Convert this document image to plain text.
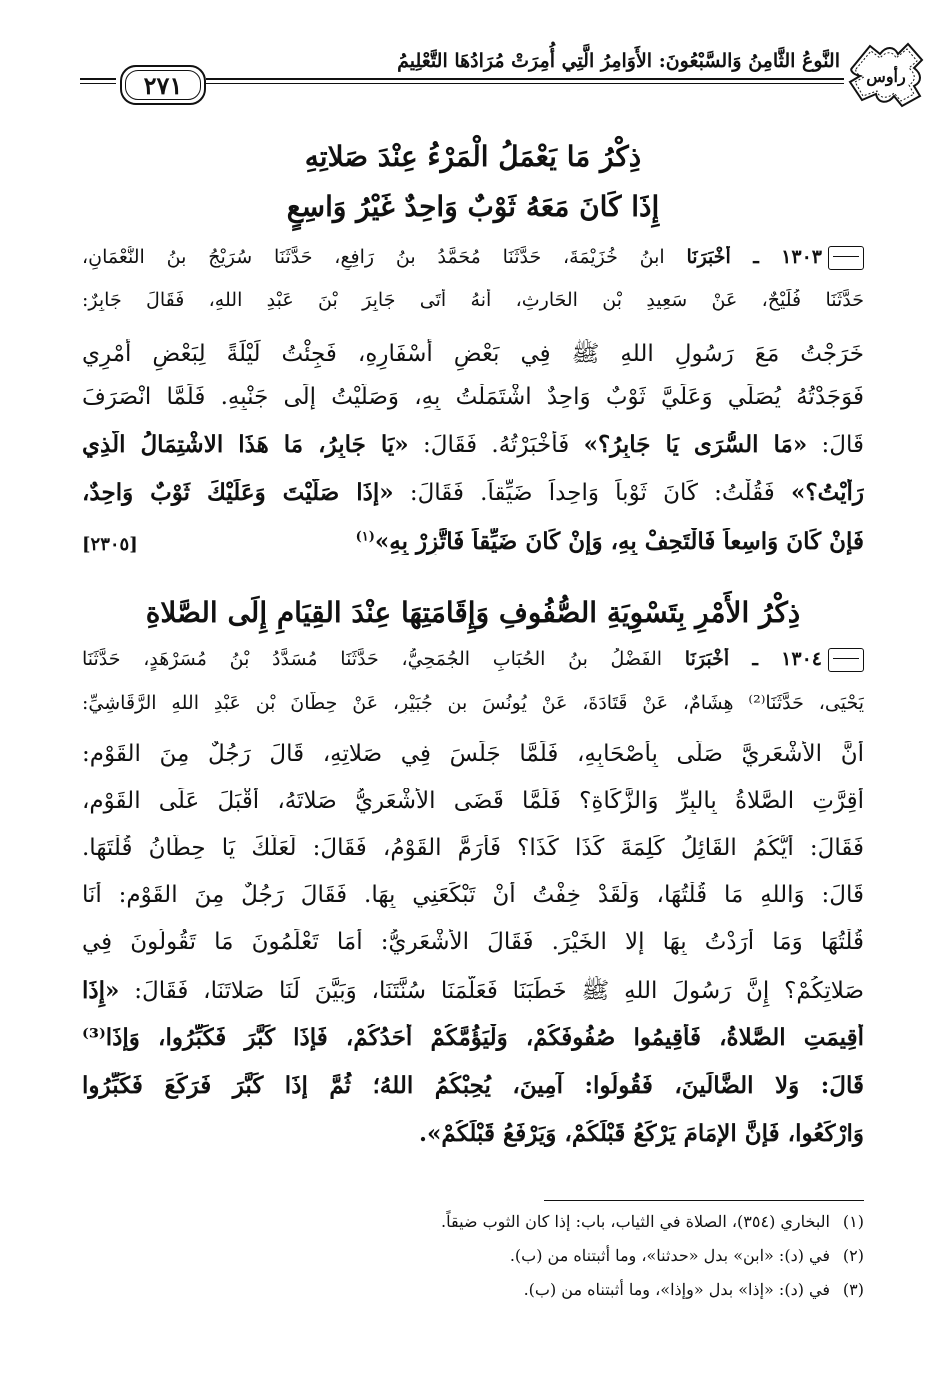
٢٧١
النَّوعُ الثَّامِنُ وَالسَّبْعُونَ: الأَوَامِرُ الَّتِي أُمِرَتْ مُرَادُهَا التَّعْلِيمُ
رأوس
ذِكْرُ مَا يَعْمَلُ الْمَرْءُ عِنْدَ صَلاتِهِ
إِذَا كَانَ مَعَهُ ثَوْبٌ وَاحِدٌ غَيْرُ وَاسِعٍ
١٣٠٣ ـ أَخْبَرَنَا ابنُ خُزَيْمَةَ، حَدَّثَنَا مُحَمَّدُ بنُ رَافِعٍ، حَدَّثَنَا سُرَيْجُ بنُ النُّعْمَانِ،
حَدَّثَنَا فُلَيْحٌ، عَنْ سَعِيدِ بْنِ الحَارِثِ، أَنهُ أَتَى جَابِرَ بْنَ عَبْدِ اللهِ، فَقَالَ جَابِرٌ:
خَرَجْتُ مَعَ رَسُولِ اللهِ ﷺ فِي بَعْضِ أَسْفَارِهِ، فَجِئْتُ لَيْلَةً لِبَعْضِ أَمْرِي
فَوَجَدْتُهُ يُصَلِّي وَعَلَيَّ ثَوْبٌ وَاحِدٌ اشْتَمَلْتُ بِهِ، وَصَلَّيْتُ إِلَى جَنْبِهِ. فَلَمَّا انْصَرَفَ
قَالَ: «مَا السُّرَى يَا جَابِرُ؟» فَأَخْبَرْتُهُ. فَقَالَ: «يَا جَابِرُ، مَا هَذَا الاشْتِمَالُ الَّذِي
رَأَيْتُ؟» فَقُلْتُ: كَانَ ثَوْباً وَاحِداً ضَيِّقاً. فَقَالَ: «إِذَا صَلَّيْتَ وَعَلَيْكَ ثَوْبٌ وَاحِدٌ،
فَإِنْ كَانَ وَاسِعاً فَالْتَحِفْ بِهِ، وَإِنْ كَانَ ضَيِّقاً فَاتَّزِرْ بِهِ»$^{(١)}$
[٢٣٠٥]
ذِكْرُ الأَمْرِ بِتَسْوِيَةِ الصُّفُوفِ وَإِقَامَتِهَا عِنْدَ القِيَامِ إِلَى الصَّلاةِ
١٣٠٤ ـ أَخْبَرَنَا الفَضْلُ بنُ الحُبَابِ الجُمَحِيُّ، حَدَّثَنَا مُسَدَّدُ بْنُ مُسَرْهَدٍ، حَدَّثَنَا
يَحْيَى، حَدَّثَنَا⁽²⁾ هِشَامٌ، عَنْ قَتَادَةَ، عَنْ يُونُسَ بنِ جُبَيْرٍ، عَنْ حِطَّانَ بْنِ عَبْدِ اللهِ الرَّقَاشِيِّ:
أَنَّ الأَشْعَرِيَّ صَلَّى بِأَصْحَابِهِ، فَلَمَّا جَلَسَ فِي صَلاتِهِ، قَالَ رَجُلٌ مِنَ القَوْمِ:
أُقِرَّتِ الصَّلاةُ بِالبِرِّ وَالزَّكَاةِ؟ فَلَمَّا قَضَى الأَشْعَرِيُّ صَلاتَهُ، أَقْبَلَ عَلَى القَوْمِ،
فَقَالَ: أَيُّكُمُ القَائِلُ كَلِمَةَ كَذَا كَذَا؟ فَأَرَمَّ القَوْمُ، فَقَالَ: لَعَلَّكَ يَا حِطَّانُ قُلْتَهَا.
قَالَ: وَاللهِ مَا قُلْتُهَا، وَلَقَدْ خِفْتُ أَنْ تَبْكَعَنِي بِهَا. فَقَالَ رَجُلٌ مِنَ القَوْمِ: أَنَا
قُلْتُهَا وَمَا أَرَدْتُ بِهَا إِلا الخَيْرَ. فَقَالَ الأَشْعَرِيُّ: أَمَا تَعْلَمُونَ مَا تَقُولُونَ فِي
صَلاتِكُمْ؟ إِنَّ رَسُولَ اللهِ ﷺ خَطَبَنَا فَعَلَّمَنَا سُنَّتَنَا، وَبَيَّنَ لَنَا صَلاتَنَا، فَقَالَ: «إِذَا
أُقِيمَتِ الصَّلاةُ، فَأَقِيمُوا صُفُوفَكُمْ، وَلْيَؤُمَّكُمْ أَحَدُكُمْ، فَإِذَا كَبَّرَ فَكَبِّرُوا، وَإِذَا⁽³⁾
قَالَ: وَلا الضَّالِّينَ، فَقُولُوا: آمِينَ، يُحِبْكُمُ اللهُ؛ ثُمَّ إِذَا كَبَّرَ فَرَكَعَ فَكَبِّرُوا
وَارْكَعُوا، فَإِنَّ الإِمَامَ يَرْكَعُ قَبْلَكُمْ، وَيَرْفَعُ قَبْلَكُمْ».
(١)البخاري (٣٥٤)، الصلاة في الثياب، باب: إذا كان الثوب ضيقاً.
(٢)في (د): «ابن» بدل «حدثنا»، وما أثبتناه من (ب).
(٣)في (د): «إذا» بدل «وإذا»، وما أثبتناه من (ب).
